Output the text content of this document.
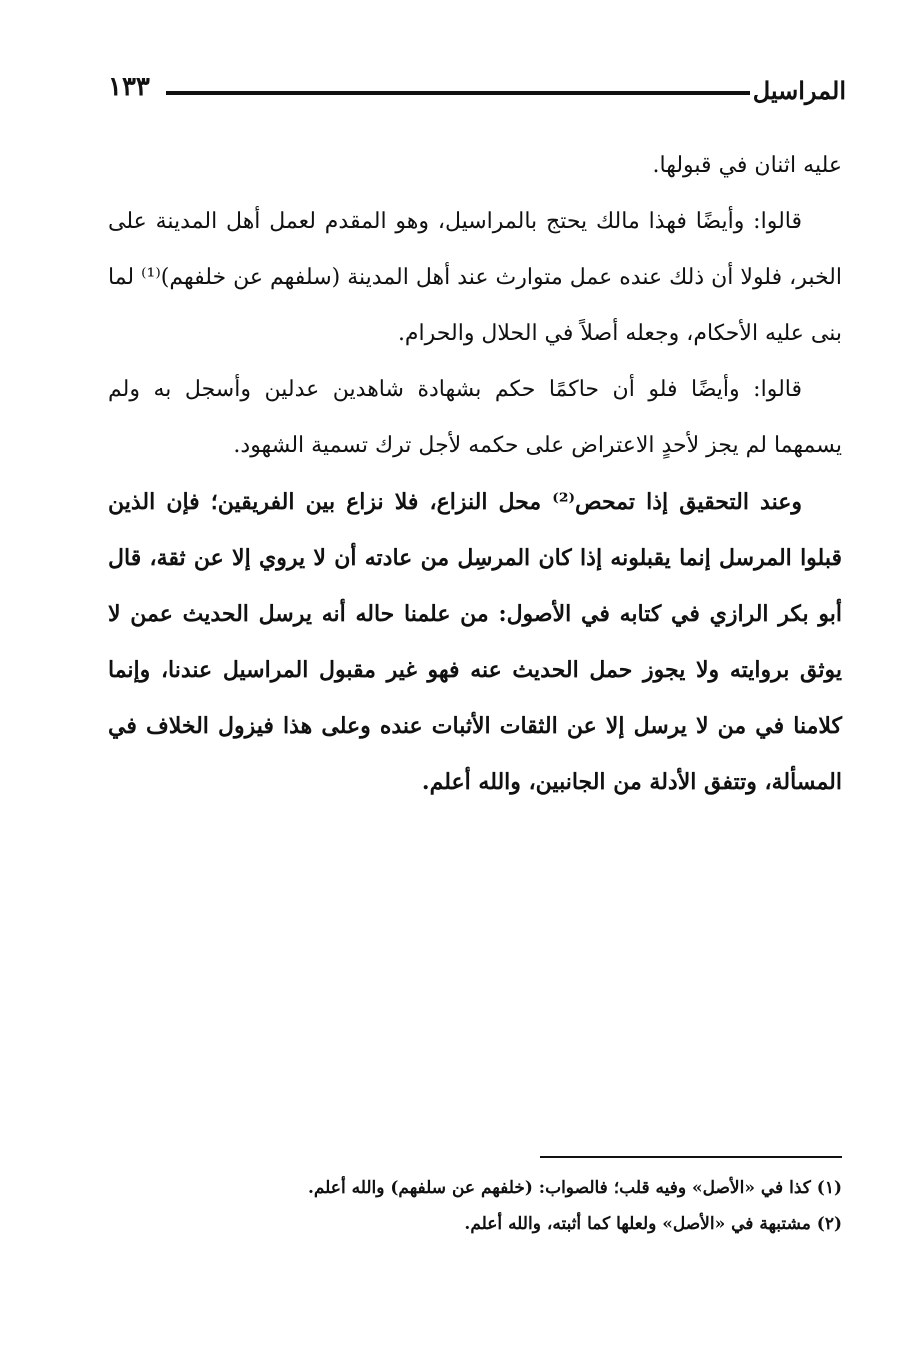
المراسيل
١٣٣

عليه اثنان في قبولها.

قالوا: وأيضًا فهذا مالك يحتج بالمراسيل، وهو المقدم لعمل أهل المدينة على الخبر، فلولا أن ذلك عنده عمل متوارث عند أهل المدينة (سلفهم عن خلفهم)⁽¹⁾ لما بنى عليه الأحكام، وجعله أصلاً في الحلال والحرام.

قالوا: وأيضًا فلو أن حاكمًا حكم بشهادة شاهدين عدلين وأسجل به ولم يسمهما لم يجز لأحدٍ الاعتراض على حكمه لأجل ترك تسمية الشهود.

وعند التحقيق إذا تمحص⁽²⁾ محل النزاع، فلا نزاع بين الفريقين؛ فإن الذين قبلوا المرسل إنما يقبلونه إذا كان المرسِل من عادته أن لا يروي إلا عن ثقة، قال أبو بكر الرازي في كتابه في الأصول: من علمنا حاله أنه يرسل الحديث عمن لا يوثق بروايته ولا يجوز حمل الحديث عنه فهو غير مقبول المراسيل عندنا، وإنما كلامنا في من لا يرسل إلا عن الثقات الأثبات عنده وعلى هذا فيزول الخلاف في المسألة، وتتفق الأدلة من الجانبين، والله أعلم.

(١) كذا في «الأصل» وفيه قلب؛ فالصواب: (خلفهم عن سلفهم) والله أعلم.

(٢) مشتبهة في «الأصل» ولعلها كما أثبته، والله أعلم.
